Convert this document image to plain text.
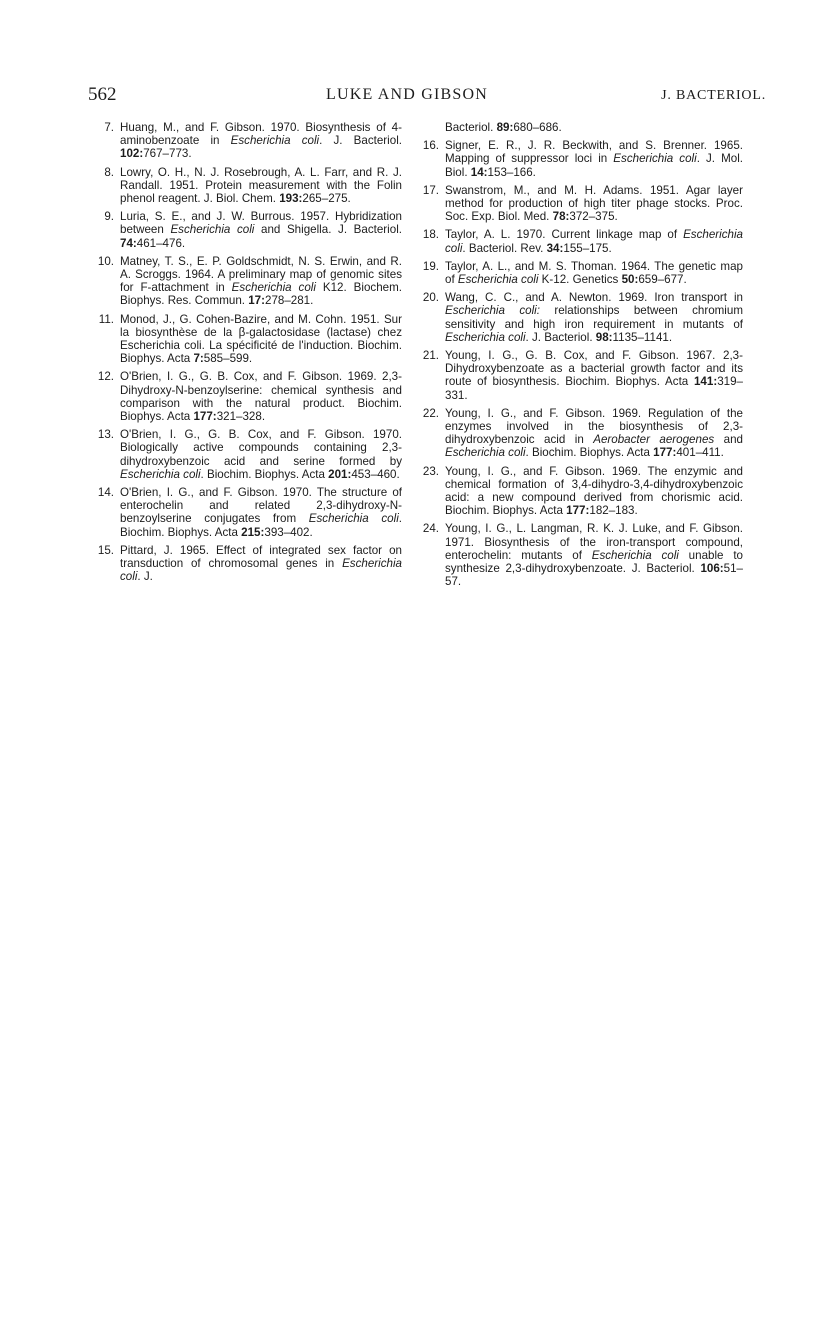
562	LUKE AND GIBSON	J. BACTERIOL.
7. Huang, M., and F. Gibson. 1970. Biosynthesis of 4-aminobenzoate in Escherichia coli. J. Bacteriol. 102:767–773.
8. Lowry, O. H., N. J. Rosebrough, A. L. Farr, and R. J. Randall. 1951. Protein measurement with the Folin phenol reagent. J. Biol. Chem. 193:265–275.
9. Luria, S. E., and J. W. Burrous. 1957. Hybridization between Escherichia coli and Shigella. J. Bacteriol. 74:461–476.
10. Matney, T. S., E. P. Goldschmidt, N. S. Erwin, and R. A. Scroggs. 1964. A preliminary map of genomic sites for F-attachment in Escherichia coli K12. Biochem. Biophys. Res. Commun. 17:278–281.
11. Monod, J., G. Cohen-Bazire, and M. Cohn. 1951. Sur la biosynthèse de la β-galactosidase (lactase) chez Escherichia coli. La spécificité de l'induction. Biochim. Biophys. Acta 7:585–599.
12. O'Brien, I. G., G. B. Cox, and F. Gibson. 1969. 2,3-Dihydroxy-N-benzoylserine: chemical synthesis and comparison with the natural product. Biochim. Biophys. Acta 177:321–328.
13. O'Brien, I. G., G. B. Cox, and F. Gibson. 1970. Biologically active compounds containing 2,3-dihydroxybenzoic acid and serine formed by Escherichia coli. Biochim. Biophys. Acta 201:453–460.
14. O'Brien, I. G., and F. Gibson. 1970. The structure of enterochelin and related 2,3-dihydroxy-N-benzoylserine conjugates from Escherichia coli. Biochim. Biophys. Acta 215:393–402.
15. Pittard, J. 1965. Effect of integrated sex factor on transduction of chromosomal genes in Escherichia coli. J.
Bacteriol. 89:680–686.
16. Signer, E. R., J. R. Beckwith, and S. Brenner. 1965. Mapping of suppressor loci in Escherichia coli. J. Mol. Biol. 14:153–166.
17. Swanstrom, M., and M. H. Adams. 1951. Agar layer method for production of high titer phage stocks. Proc. Soc. Exp. Biol. Med. 78:372–375.
18. Taylor, A. L. 1970. Current linkage map of Escherichia coli. Bacteriol. Rev. 34:155–175.
19. Taylor, A. L., and M. S. Thoman. 1964. The genetic map of Escherichia coli K-12. Genetics 50:659–677.
20. Wang, C. C., and A. Newton. 1969. Iron transport in Escherichia coli: relationships between chromium sensitivity and high iron requirement in mutants of Escherichia coli. J. Bacteriol. 98:1135–1141.
21. Young, I. G., G. B. Cox, and F. Gibson. 1967. 2,3-Dihydroxybenzoate as a bacterial growth factor and its route of biosynthesis. Biochim. Biophys. Acta 141:319–331.
22. Young, I. G., and F. Gibson. 1969. Regulation of the enzymes involved in the biosynthesis of 2,3-dihydroxybenzoic acid in Aerobacter aerogenes and Escherichia coli. Biochim. Biophys. Acta 177:401–411.
23. Young, I. G., and F. Gibson. 1969. The enzymic and chemical formation of 3,4-dihydro-3,4-dihydroxybenzoic acid: a new compound derived from chorismic acid. Biochim. Biophys. Acta 177:182–183.
24. Young, I. G., L. Langman, R. K. J. Luke, and F. Gibson. 1971. Biosynthesis of the iron-transport compound, enterochelin: mutants of Escherichia coli unable to synthesize 2,3-dihydroxybenzoate. J. Bacteriol. 106:51–57.
